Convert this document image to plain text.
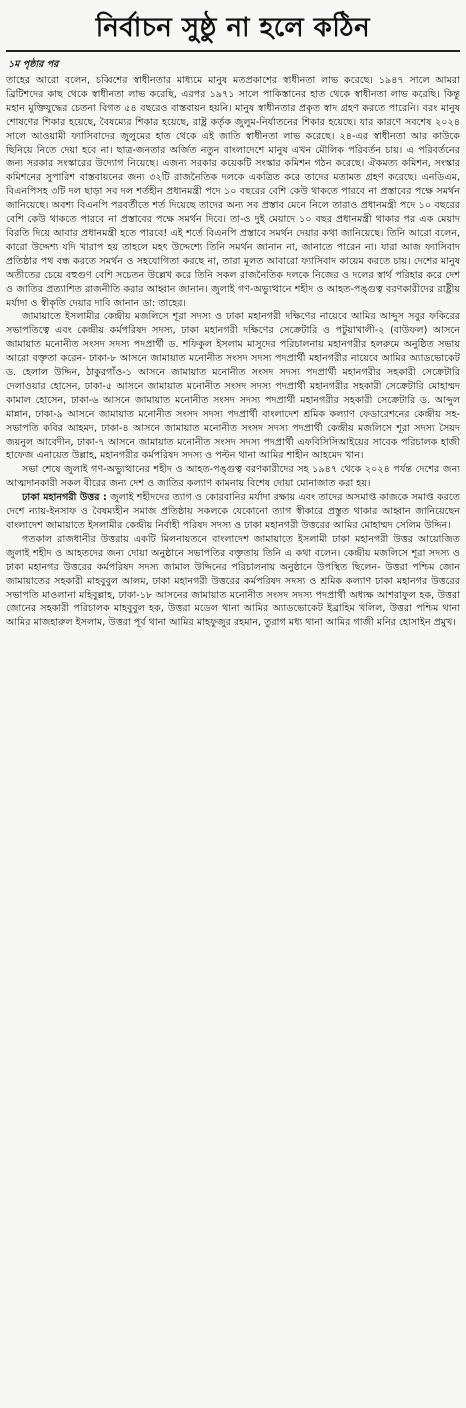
নির্বাচন সুষ্ঠু না হলে কঠিন
১ম পৃষ্ঠার পর

তাহের আরো বলেন, চব্বিশের স্বাধীনতার মাধ্যমে মানুষ মতপ্রকাশের স্বাধীনতা লাভ করেছে। ১৯৪৭ সালে আমরা ব্রিটিশদের কাছ থেকে স্বাধীনতা লাভ করেছি, এরপর ১৯৭১ সালে পাকিস্তানের হাত থেকে স্বাধীনতা লাভ করেছি। কিন্তু মহান মুক্তিযুদ্ধের চেতনা বিগত ৫৪ বছরেও বাস্তবায়ন হয়নি। মানুষ স্বাধীনতার প্রকৃত স্বাদ গ্রহণ করতে পারেনি। বরং মানুষ শোষণের শিকার হয়েছে, বৈষম্যের শিকার হয়েছে, রাষ্ট্র কর্তৃক জুলুম-নির্যাতনের শিকার হয়েছে। যার কারণে সবশেষ ২০২৪ সালে আওয়ামী ফ্যাসিবাদের জুলুমের হাত থেকে এই জাতি স্বাধীনতা লাভ করেছে। ২৪-এর স্বাধীনতা আর কাউকে ছিনিয়ে নিতে দেয়া হবে না। ছাত্র-জনতার অর্জিত নতুন বাংলাদেশে মানুষ এখন মৌলিক পরিবর্তন চায়। এ পরিবর্তনের জন্য সরকার সংস্কারের উদ্যোগ নিয়েছে। এজন্য সরকার কয়েকটি সংস্কার কমিশন গঠন করেছে। ঐকমত্য কমিশন, সংস্কার কমিশনের সুপারিশ বাস্তবায়নের জন্য ৩২টি রাজনৈতিক দলকে একত্রিত করে তাদের মতামত গ্রহণ করেছে। এনডিএম, বিএনপিসহ ৩টি দল ছাড়া সব দল শর্তহীন প্রধানমন্ত্রী পদে ১০ বছরের বেশি কেউ থাকতে পারবে না প্রস্তাবের পক্ষে সমর্থন জানিয়েছে। অবশ্য বিএনপি পরবর্তীতে শর্ত দিয়েছে তাদের অন্য সব প্রস্তাব মেনে নিলে তারাও প্রধানমন্ত্রী পদে ১০ বছরের বেশি কেউ থাকতে পারবে না প্রস্তাবের পক্ষে সমর্থন দিবে। তা-ও দুই মেয়াদে ১০ বছর প্রধানমন্ত্রী থাকার পর এক মেয়াদ বিরতি দিয়ে আবার প্রধানমন্ত্রী হতে পারবে! এই শর্তে বিএনপি প্রস্তাবে সমর্থন দেয়ার কথা জানিয়েছে। তিনি আরো বলেন, কারো উদ্দেশ্য যদি খারাপ হয় তাহলে মহৎ উদ্দেশ্যে তিনি সমর্থন জানান না, জানাতে পারেন না। যারা আজ ফ্যাসিবাদ প্রতিষ্ঠার পথ বন্ধ করতে সমর্থন ও সহযোগিতা করছে না, তারা মূলত আবারো ফ্যাসিবাদ কায়েম করতে চায়। দেশের মানুষ অতীতের চেয়ে বহুগুণ বেশি সচেতন উল্লেখ করে তিনি সকল রাজনৈতিক দলকে নিজের ও দলের স্বার্থ পরিহার করে দেশ ও জাতির প্রত্যাশিত রাজনীতি করার আহ্বান জানান। জুলাই গণ-অভ্যুত্থানে শহীদ ও আহত-পঙ্গুত্ব বরণকারীদের রাষ্ট্রীয় মর্যাদা ও স্বীকৃতি দেয়ার দাবি জানান ডা: তাহের।

জামায়াতে ইসলামীর কেন্দ্রীয় মজলিসে শূরা সদস্য ও ঢাকা মহানগরী দক্ষিণের নায়েবে আমির আব্দুস সবুর ফকিরের সভাপতিত্বে এবং কেন্দ্রীয় কর্মপরিষদ সদস্য, ঢাকা মহানগরী দক্ষিণের সেক্রেটারি ও পটুয়াখালী-২ (বাউফল) আসনে জামায়াত মনোনীত সংসদ সদস্য পদপ্রার্থী ড. শফিকুল ইসলাম মাসুদের পরিচালনায় মহানগরীর হলরুমে অনুষ্ঠিত সভায় আরো বক্তৃতা করেন- ঢাকা-৮ আসনে জামায়াত মনোনীত সংসদ সদস্য পদপ্রার্থী মহানগরীর নায়েবে আমির অ্যাডভোকেট ড. হেলাল উদ্দিন, ঠাকুরগাঁও-১ আসনে জামায়াত মনোনীত সংসদ সদস্য পদপ্রার্থী মহানগরীর সহকারী সেক্রেটারি দেলাওয়ার হোসেন, ঢাকা-৫ আসনে জামায়াত মনোনীত সংসদ সদস্য পদপ্রার্থী মহানগরীর সহকারী সেক্রেটারি মোহাম্মদ কামাল হোসেন, ঢাকা-৬ আসনে জামায়াত মনোনীত সংসদ সদস্য পদপ্রার্থী মহানগরীর সহকারী সেক্রেটারি ড. আব্দুল মান্নান, ঢাকা-৯ আসনে জামায়াত মনোনীত সংসদ সদস্য পদপ্রার্থী বাংলাদেশ শ্রমিক কল্যাণ ফেডারেশনের কেন্দ্রীয় সহ-সভাপতি কবির আহমদ, ঢাকা-৪ আসনে জামায়াত মনোনীত সংসদ সদস্য পদপ্রার্থী কেন্দ্রীয় মজলিসে শূরা সদস্য সৈয়দ জয়নুল আবেদীন, ঢাকা-৭ আসনে জামায়াত মনোনীত সংসদ সদস্য পদপ্রার্থী এফবিসিসিআইয়ের সাবেক পরিচালক হাজী হাফেজ এনায়েত উল্লাহ, মহানগরীর কর্মপরিষদ সদস্য ও পল্টন থানা আমির শাহীন আহমেদ খান।

সভা শেষে জুলাই গণ-অভ্যুত্থানের শহীদ ও আহত-পঙ্গুত্ব বরণকারীদের সহ ১৯৪৭ থেকে ২০২৪ পর্যন্ত দেশের জন্য আত্মদানকারী সকল বীরের জন্য দেশ ও জাতির কল্যাণ কামনায় বিশেষ দোয়া মোনাজাত করা হয়।

ঢাকা মহানগরী উত্তর : জুলাই শহীদদের ত্যাগ ও কোরবানির মর্যাদা রক্ষায় এবং তাদের অসমাপ্ত কাজকে সমাপ্ত করতে দেশে ন্যায়-ইনসাফ ও বৈষম্যহীন সমাজ প্রতিষ্ঠায় সকলকে যেকোনো ত্যাগ স্বীকারে প্রস্তুত থাকার আহ্বান জানিয়েছেন বাংলাদেশ জামায়াতে ইসলামীর কেন্দ্রীয় নির্বাহী পরিষদ সদস্য ও ঢাকা মহানগরী উত্তরের আমির মোহাম্মদ সেলিম উদ্দিন।

গতকাল রাজধানীর উত্তরায় একটি মিলনায়তনে বাংলাদেশ জামায়াতে ইসলামী ঢাকা মহানগরী উত্তর আয়োজিত জুলাই শহীদ ও আহতদের জন্য দোয়া অনুষ্ঠানে সভাপতির বক্তৃতায় তিনি এ কথা বলেন। কেন্দ্রীয় মজলিসে শূরা সদস্য ও ঢাকা মহানগর উত্তরের কর্মপরিষদ সদস্য জামাল উদ্দিনের পরিচালনায় অনুষ্ঠানে উপস্থিত ছিলেন- উত্তরা পশ্চিম জোন জামায়াতের সহকারী মাহবুবুল আলম, ঢাকা মহানগরী উত্তরের কর্মপরিষদ সদস্য ও শ্রমিক কল্যাণ ঢাকা মহানগর উত্তরের সভাপতি মাওলানা মহিবুল্লাহ, ঢাকা-১৮ আসনের জামায়াত মনোনীত সংসদ সদস্য পদপ্রার্থী অধ্যক্ষ আশরাফুল হক, উত্তরা জোনের সহকারী পরিচালক মাহবুবুল হক, উত্তরা মডেল থানা আমির অ্যাডভোকেট ইব্রাহিম খলিল, উত্তরা পশ্চিম থানা আমির মাজহারুল ইসলাম, উত্তরা পূর্ব থানা আমির মাহফুজুর রহমান, তুরাগ মধ্য থানা আমির গাজী মনির হোসাইন প্রমুখ।
